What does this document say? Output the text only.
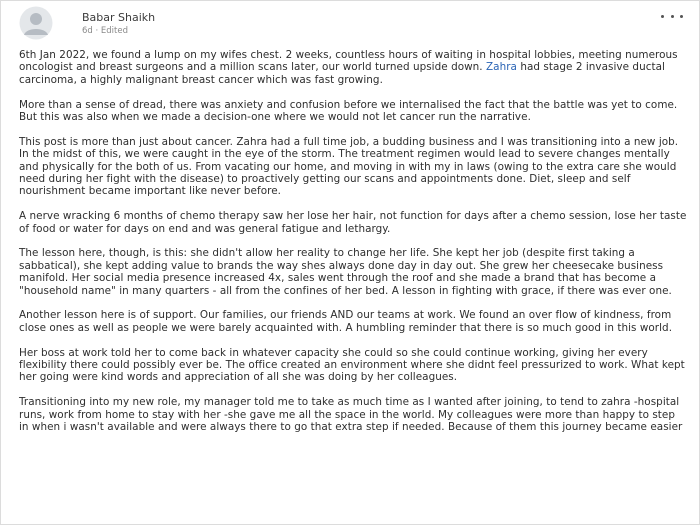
Babar Shaikh
6d · Edited

6th Jan 2022, we found a lump on my wifes chest. 2 weeks, countless hours of waiting in hospital lobbies, meeting numerous oncologist and breast surgeons and a million scans later, our world turned upside down. Zahra had stage 2 invasive ductal carcinoma, a highly malignant breast cancer which was fast growing.

More than a sense of dread, there was anxiety and confusion before we internalised the fact that the battle was yet to come. But this was also when we made a decision-one where we would not let cancer run the narrative.

This post is more than just about cancer. Zahra had a full time job, a budding business and I was transitioning into a new job. In the midst of this, we were caught in the eye of the storm. The treatment regimen would lead to severe changes mentally and physically for the both of us. From vacating our home, and moving in with my in laws (owing to the extra care she would need during her fight with the disease) to proactively getting our scans and appointments done. Diet, sleep and self nourishment became important like never before.

A nerve wracking 6 months of chemo therapy saw her lose her hair, not function for days after a chemo session, lose her taste of food or water for days on end and was general fatigue and lethargy.

The lesson here, though, is this: she didn't allow her reality to change her life. She kept her job (despite first taking a sabbatical), she kept adding value to brands the way shes always done day in day out. She grew her cheesecake business manifold. Her social media presence increased 4x, sales went through the roof and she made a brand that has become a "household name" in many quarters - all from the confines of her bed. A lesson in fighting with grace, if there was ever one.

Another lesson here is of support. Our families, our friends AND our teams at work. We found an over flow of kindness, from close ones as well as people we were barely acquainted with. A humbling reminder that there is so much good in this world.

Her boss at work told her to come back in whatever capacity she could so she could continue working, giving her every flexibility there could possibly ever be. The office created an environment where she didnt feel pressurized to work. What kept her going were kind words and appreciation of all she was doing by her colleagues.

Transitioning into my new role, my manager told me to take as much time as I wanted after joining, to tend to zahra -hospital runs, work from home to stay with her -she gave me all the space in the world. My colleagues were more than happy to step in when i wasn't available and were always there to go that extra step if needed. Because of them this journey became easier
